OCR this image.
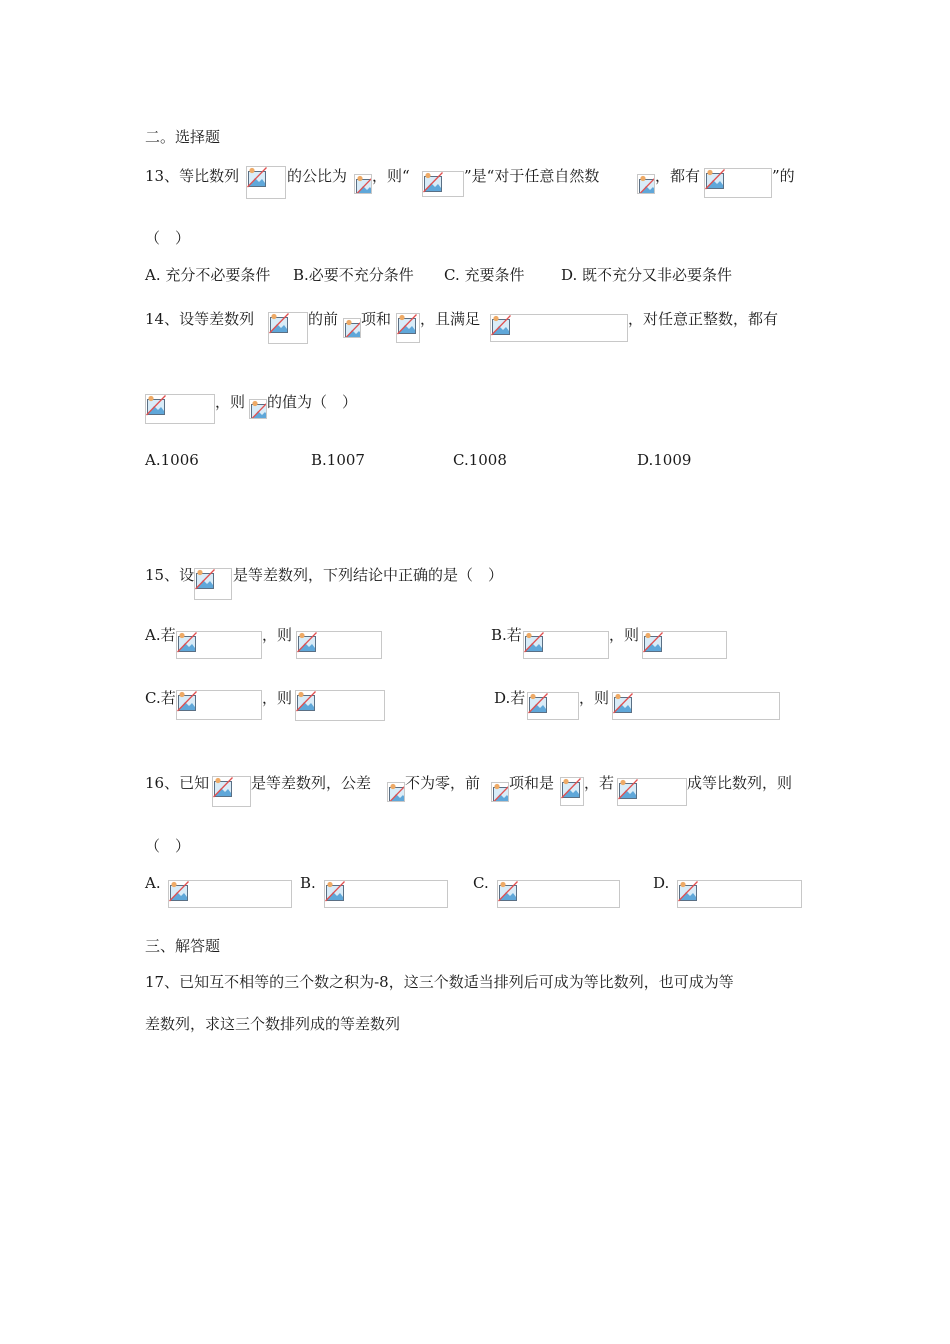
二。选择题
13、等比数列	的公比为 ，则“	”是“对于任意自然数	，都有	”的
（　）
A. 充分不必要条件 B.必要不充分条件 C. 充要条件 D. 既不充分又非必要条件
14、设等差数列	的前 项和 ，且满足	，对任意正整数，都有
，则 的值为（　）
A.1006	B.1007	C.1008	D.1009
15、设	是等差数列，下列结论中正确的是（　）
A.若	，则	B.若	，则
C.若	，则	D.若	，则
16、已知	是等差数列，公差 不为零，前 项和是 ，若	成等比数列，则
（　）
A.	B.	C.	D.
三、解答题
17、已知互不相等的三个数之积为-8，这三个数适当排列后可成为等比数列，也可成为等
差数列，求这三个数排列成的等差数列
